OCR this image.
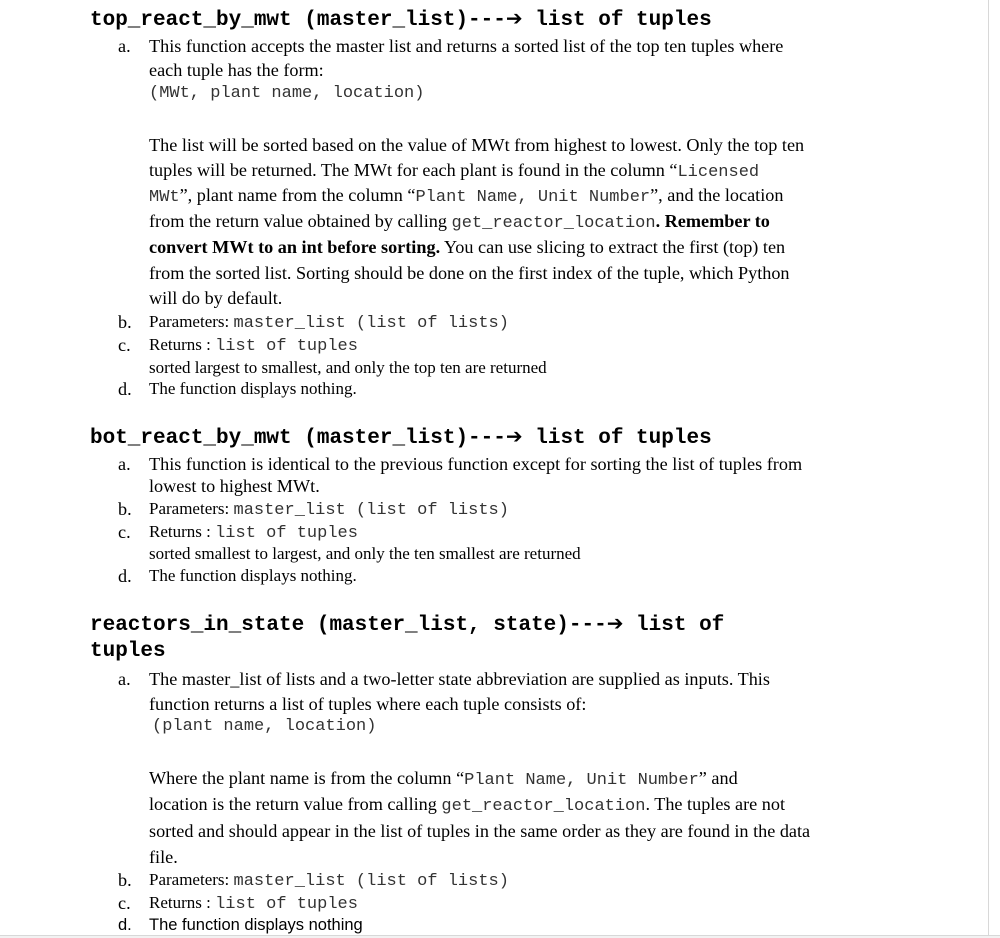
top_react_by_mwt (master_list)---➔ list of tuples
a. This function accepts the master list and returns a sorted list of the top ten tuples where
each tuple has the form:
(MWt, plant name, location)
The list will be sorted based on the value of MWt from highest to lowest. Only the top ten
tuples will be returned. The MWt for each plant is found in the column “Licensed
MWt”, plant name from the column “Plant Name, Unit Number”, and the location
from the return value obtained by calling get_reactor_location. Remember to
convert MWt to an int before sorting. You can use slicing to extract the first (top) ten
from the sorted list. Sorting should be done on the first index of the tuple, which Python
will do by default.
b. Parameters: master_list (list of lists)
c. Returns : list of tuples
sorted largest to smallest, and only the top ten are returned
d. The function displays nothing.
bot_react_by_mwt (master_list)---➔ list of tuples
a. This function is identical to the previous function except for sorting the list of tuples from
lowest to highest MWt.
b. Parameters: master_list (list of lists)
c. Returns : list of tuples
sorted smallest to largest, and only the ten smallest are returned
d. The function displays nothing.
reactors_in_state (master_list, state)---➔ list of
tuples
a. The master_list of lists and a two-letter state abbreviation are supplied as inputs. This
function returns a list of tuples where each tuple consists of:
(plant name, location)
Where the plant name is from the column “Plant Name, Unit Number” and
location is the return value from calling get_reactor_location. The tuples are not
sorted and should appear in the list of tuples in the same order as they are found in the data
file.
b. Parameters: master_list (list of lists)
c. Returns : list of tuples
d. The function displays nothing
